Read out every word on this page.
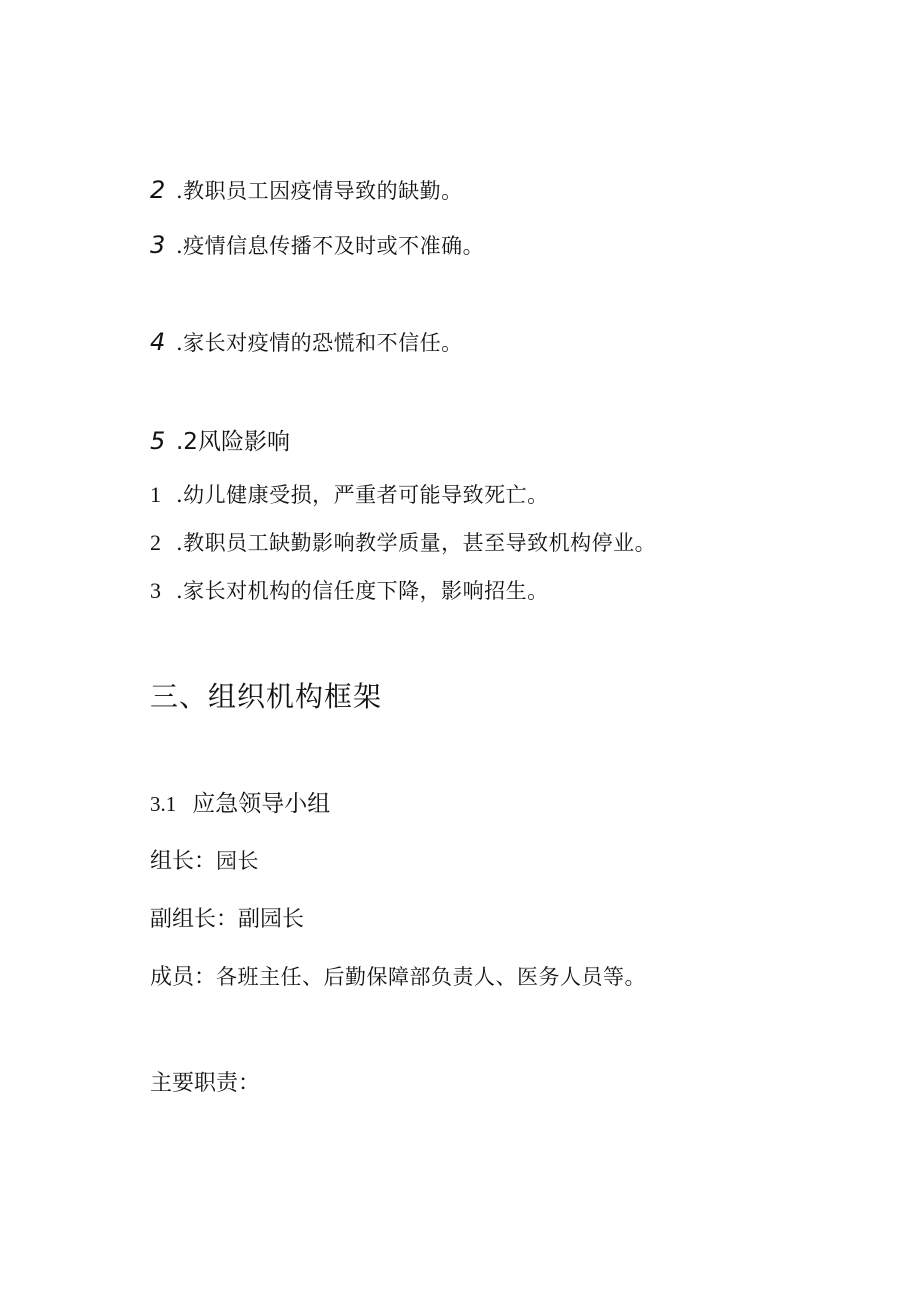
2 .教职员工因疫情导致的缺勤。
3 .疫情信息传播不及时或不准确。
4 .家长对疫情的恐慌和不信任。
5 .2风险影响
1 .幼儿健康受损，严重者可能导致死亡。
2 .教职员工缺勤影响教学质量，甚至导致机构停业。
3 .家长对机构的信任度下降，影响招生。
三、组织机构框架
3.1 应急领导小组
组长：园长
副组长：副园长
成员：各班主任、后勤保障部负责人、医务人员等。
主要职责：
